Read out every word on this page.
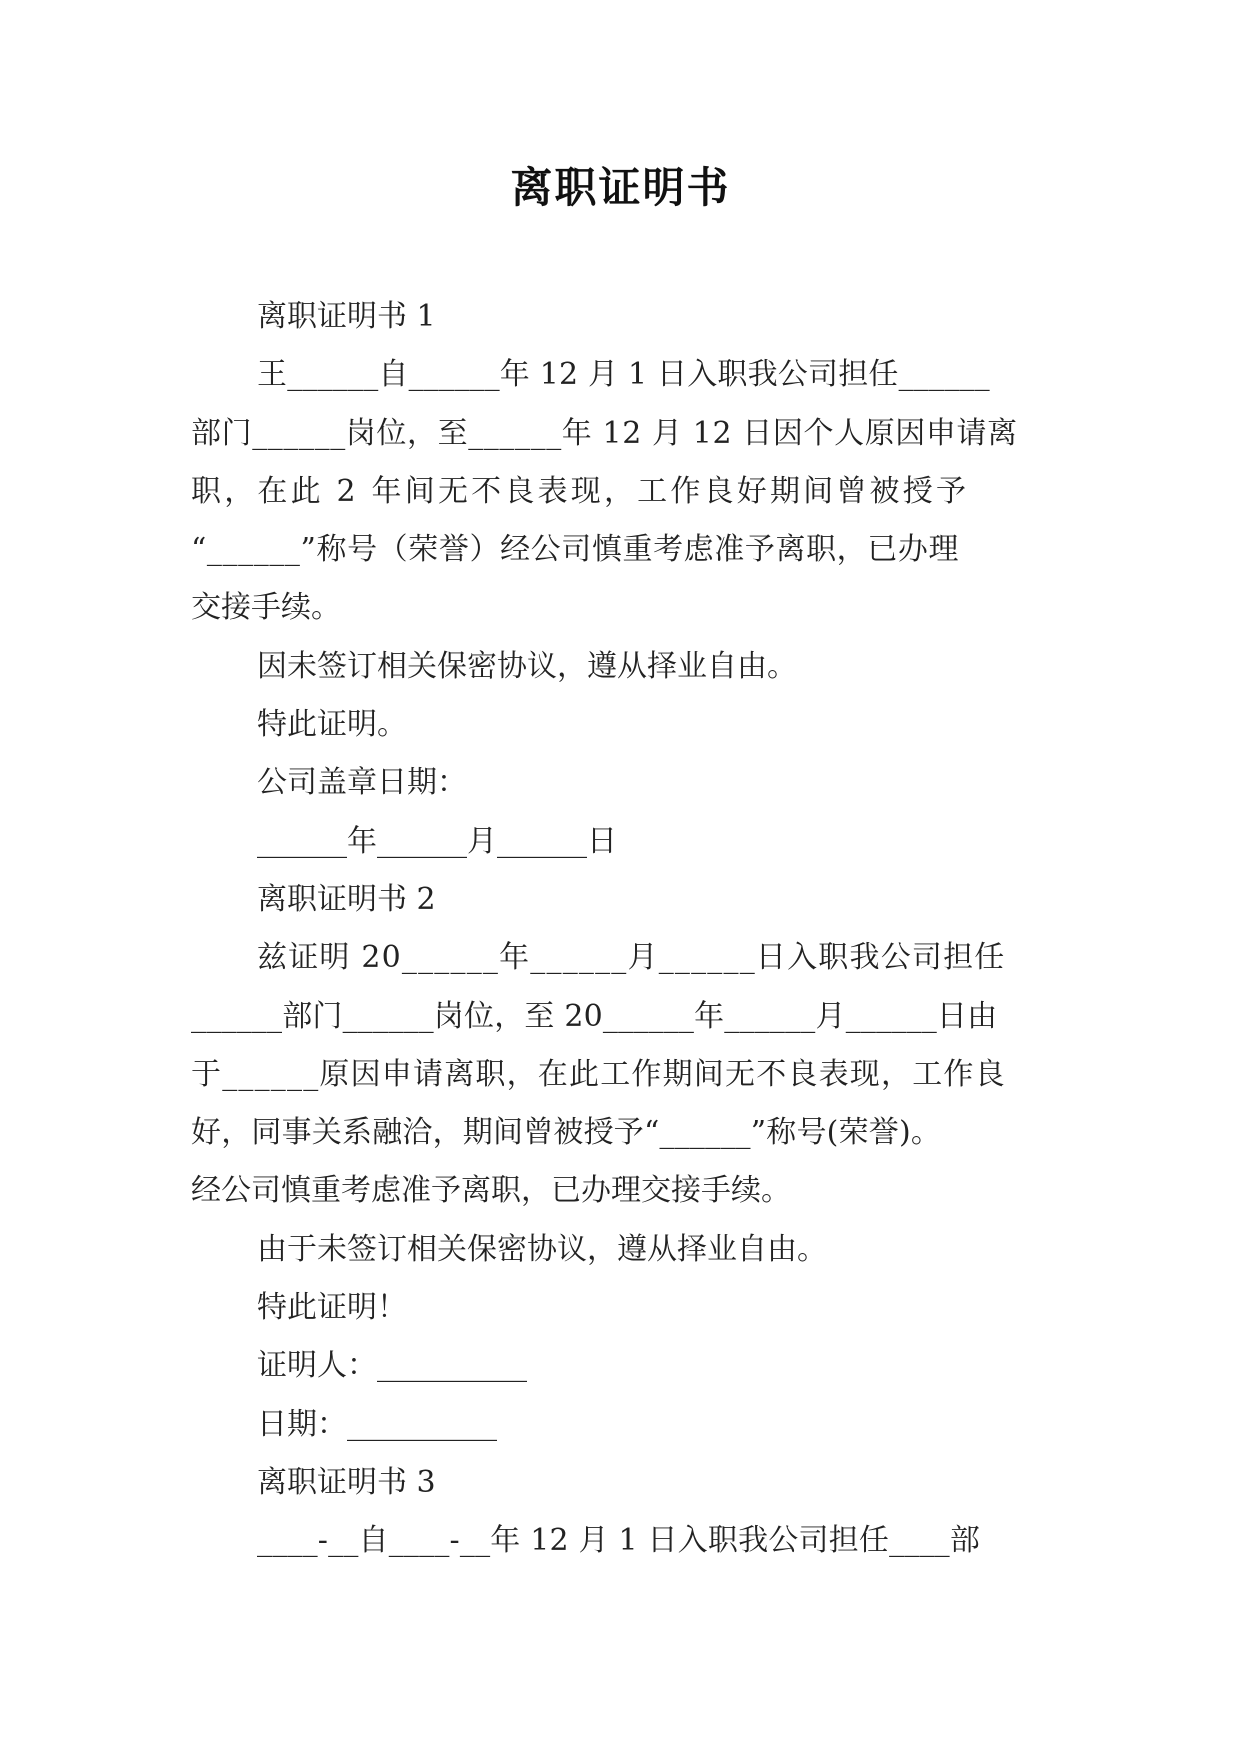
离职证明书
离职证明书 1
王______自______年 12 月 1 日入职我公司担任______
部门______岗位，至______年 12 月 12 日因个人原因申请离
职，在此 2 年间无不良表现，工作良好期间曾被授予
“______”称号（荣誉）经公司慎重考虑准予离职，已办理
交接手续。
因未签订相关保密协议，遵从择业自由。
特此证明。
公司盖章日期：
______年______月______日
离职证明书 2
兹证明 20______年______月______日入职我公司担任
______部门______岗位，至 20______年______月______日由
于______原因申请离职，在此工作期间无不良表现，工作良
好，同事关系融洽，期间曾被授予“______”称号(荣誉)。
经公司慎重考虑准予离职，已办理交接手续。
由于未签订相关保密协议，遵从择业自由。
特此证明！
证明人：__________
日期：__________
离职证明书 3
____-__自____-__年 12 月 1 日入职我公司担任____部
